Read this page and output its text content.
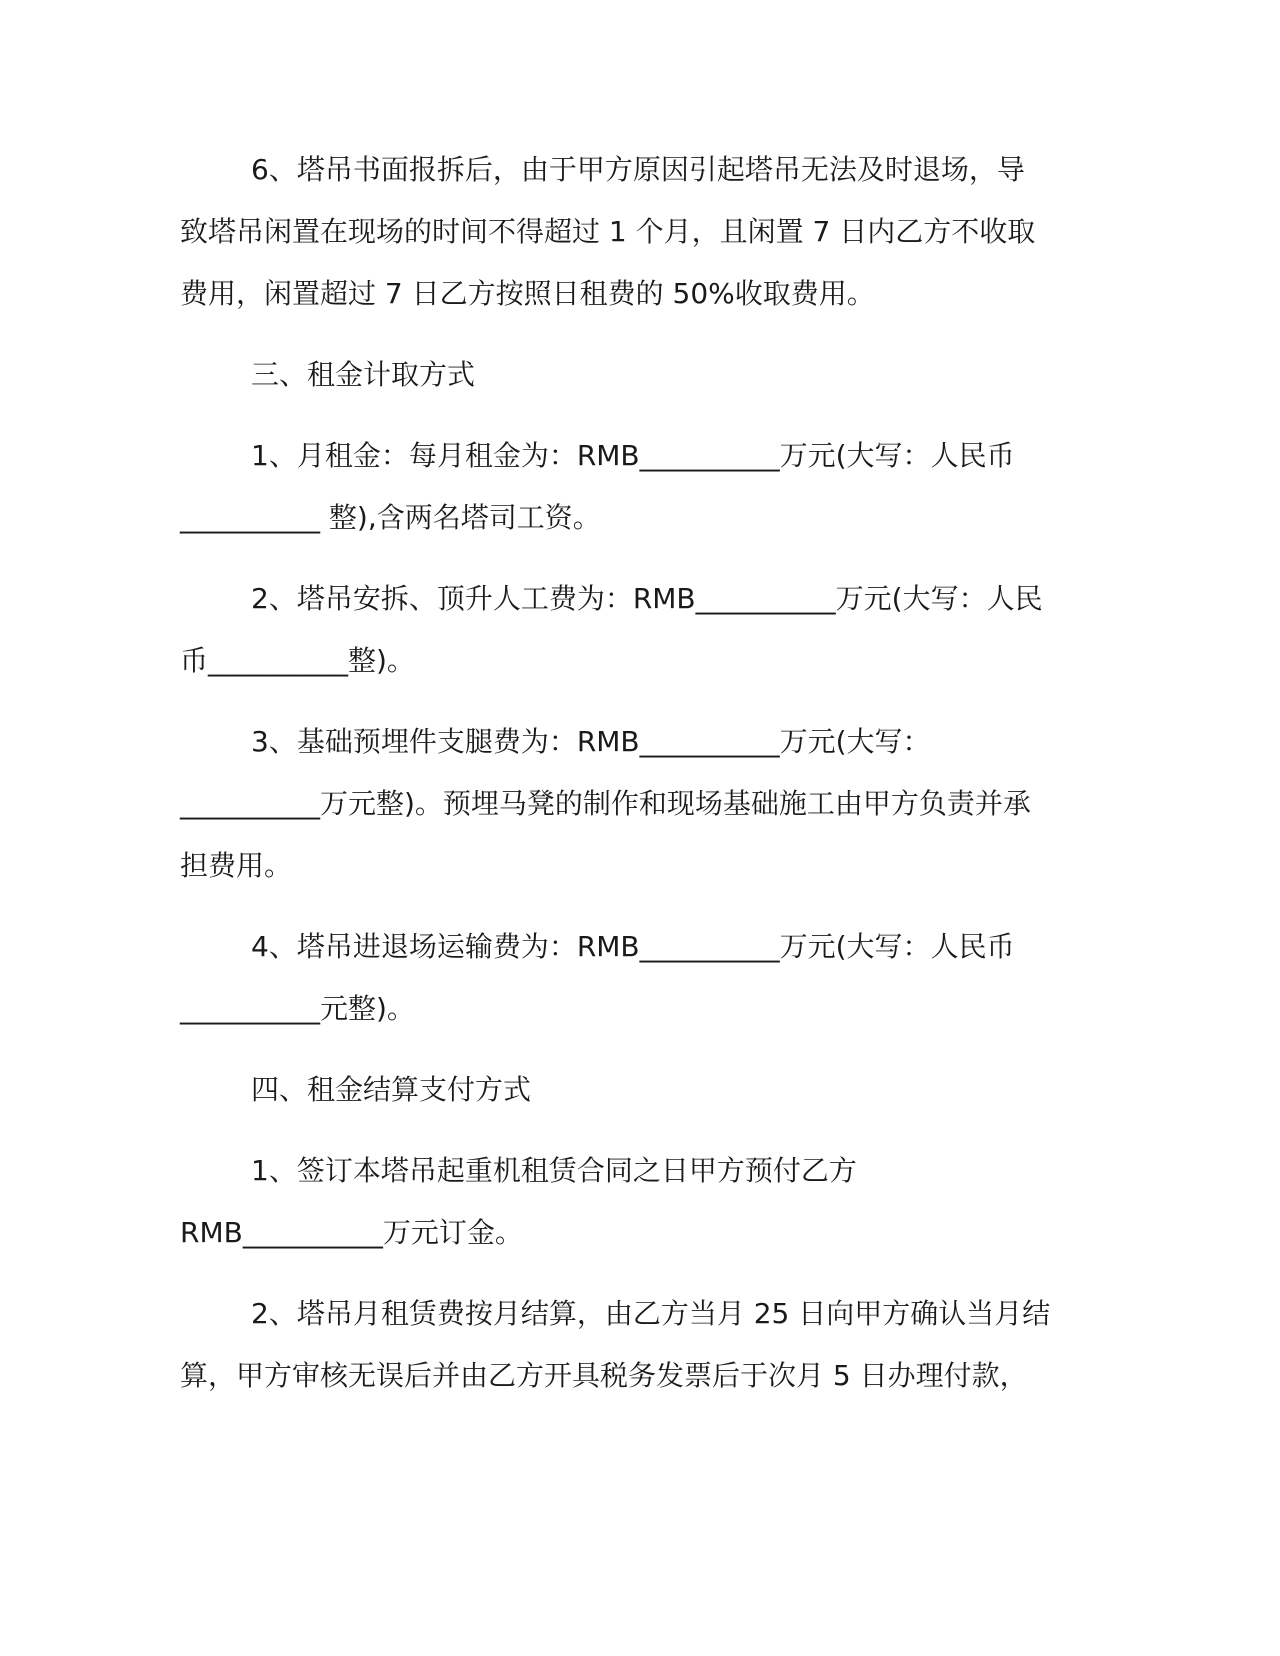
6、塔吊书面报拆后，由于甲方原因引起塔吊无法及时退场，导
致塔吊闲置在现场的时间不得超过 1 个月，且闲置 7 日内乙方不收取
费用，闲置超过 7 日乙方按照日租费的 50%收取费用。
三、租金计取方式
1、月租金：每月租金为：RMB__________万元(大写：人民币
__________ 整),含两名塔司工资。
2、塔吊安拆、顶升人工费为：RMB__________万元(大写：人民
币__________整)。
3、基础预埋件支腿费为：RMB__________万元(大写：
__________万元整)。预埋马凳的制作和现场基础施工由甲方负责并承
担费用。
4、塔吊进退场运输费为：RMB__________万元(大写：人民币
__________元整)。
四、租金结算支付方式
1、签订本塔吊起重机租赁合同之日甲方预付乙方
RMB__________万元订金。
2、塔吊月租赁费按月结算，由乙方当月 25 日向甲方确认当月结
算，甲方审核无误后并由乙方开具税务发票后于次月 5 日办理付款，
